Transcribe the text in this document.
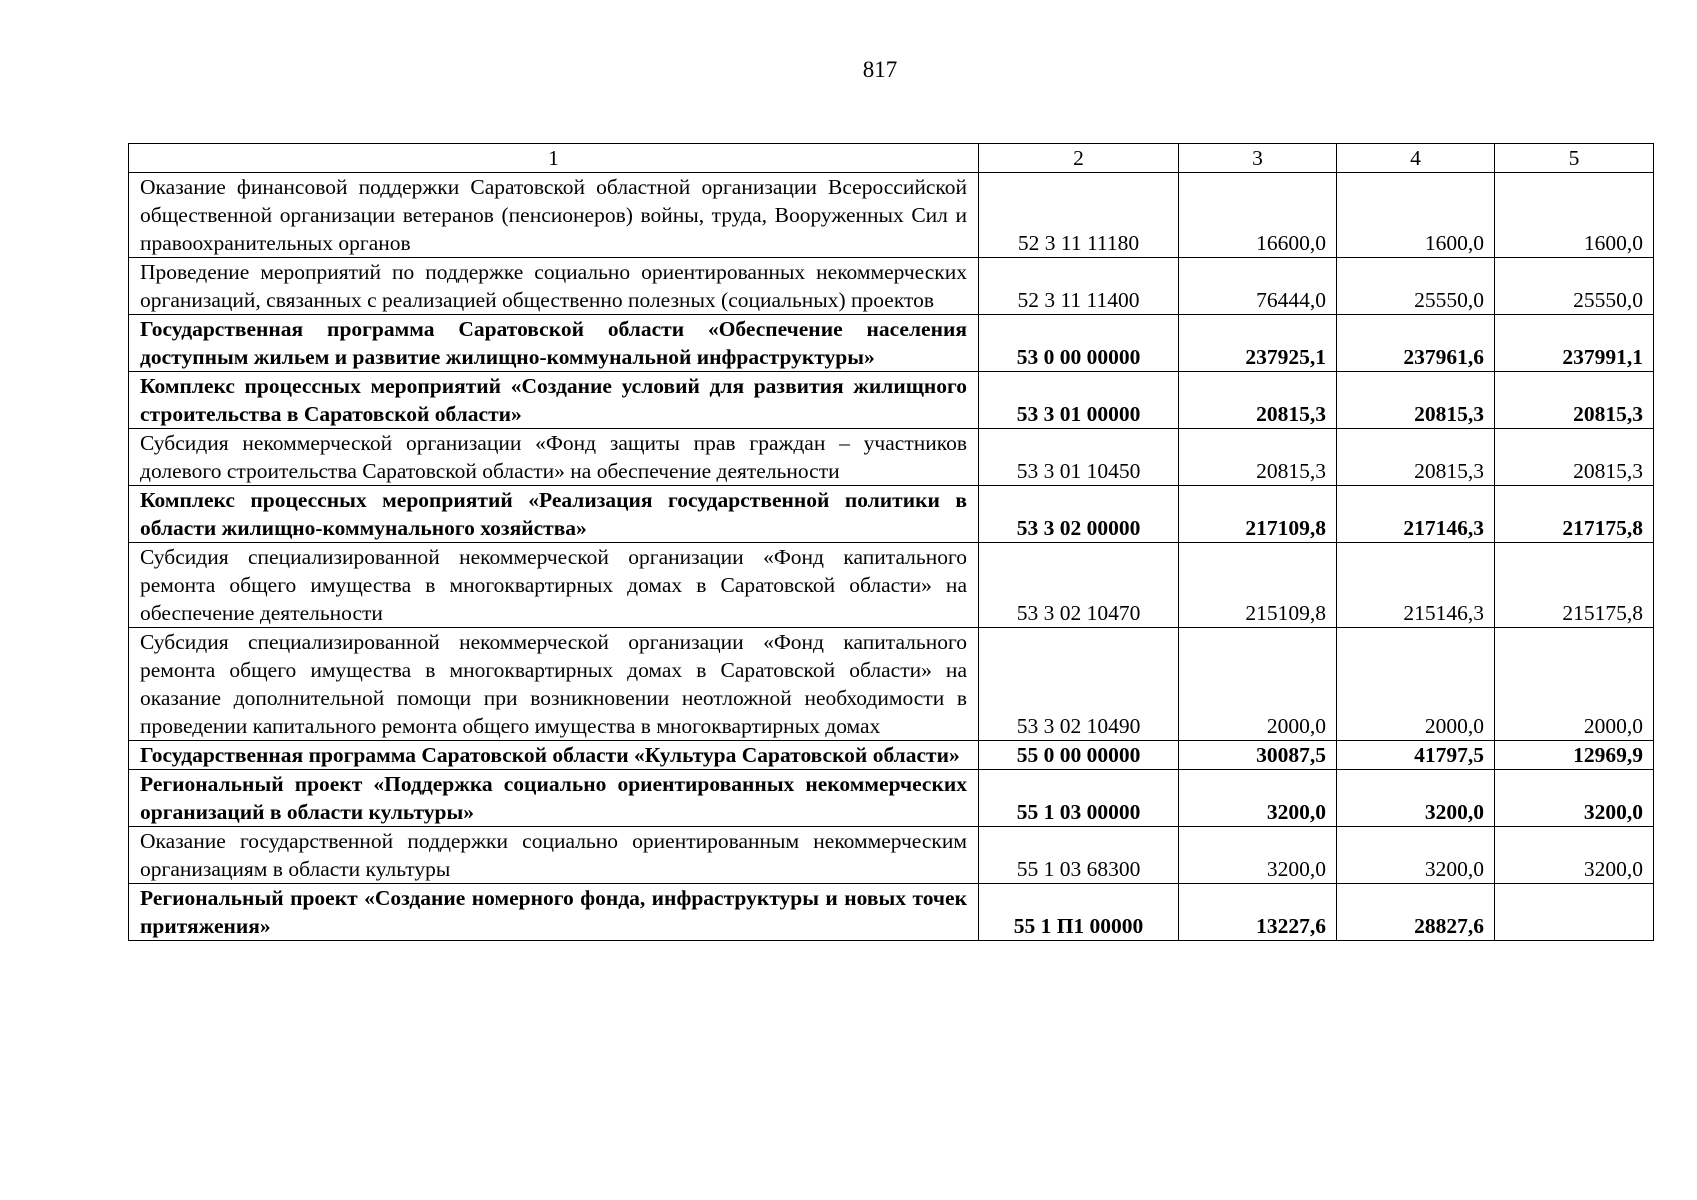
817
1	2	3	4	5
Оказание финансовой поддержки Саратовской областной организации Всероссийской общественной организации ветеранов (пенсионеров) войны, труда, Вооруженных Сил и правоохранительных органов	52 3 11 11180	16600,0	1600,0	1600,0
Проведение мероприятий по поддержке социально ориентированных некоммерческих организаций, связанных с реализацией общественно полезных (социальных) проектов	52 3 11 11400	76444,0	25550,0	25550,0
Государственная программа Саратовской области «Обеспечение населения доступным жильем и развитие жилищно-коммунальной инфраструктуры»	53 0 00 00000	237925,1	237961,6	237991,1
Комплекс процессных мероприятий «Создание условий для развития жилищного строительства в Саратовской области»	53 3 01 00000	20815,3	20815,3	20815,3
Субсидия некоммерческой организации «Фонд защиты прав граждан – участников долевого строительства Саратовской области» на обеспечение деятельности	53 3 01 10450	20815,3	20815,3	20815,3
Комплекс процессных мероприятий «Реализация государственной политики в области жилищно-коммунального хозяйства»	53 3 02 00000	217109,8	217146,3	217175,8
Субсидия специализированной некоммерческой организации «Фонд капитального ремонта общего имущества в многоквартирных домах в Саратовской области» на обеспечение деятельности	53 3 02 10470	215109,8	215146,3	215175,8
Субсидия специализированной некоммерческой организации «Фонд капитального ремонта общего имущества в многоквартирных домах в Саратовской области» на оказание дополнительной помощи при возникновении неотложной необходимости в проведении капитального ремонта общего имущества в многоквартирных домах	53 3 02 10490	2000,0	2000,0	2000,0
Государственная программа Саратовской области «Культура Саратовской области»	55 0 00 00000	30087,5	41797,5	12969,9
Региональный проект «Поддержка социально ориентированных некоммерческих организаций в области культуры»	55 1 03 00000	3200,0	3200,0	3200,0
Оказание государственной поддержки социально ориентированным некоммерческим организациям в области культуры	55 1 03 68300	3200,0	3200,0	3200,0
Региональный проект «Создание номерного фонда, инфраструктуры и новых точек притяжения»	55 1 П1 00000	13227,6	28827,6	
